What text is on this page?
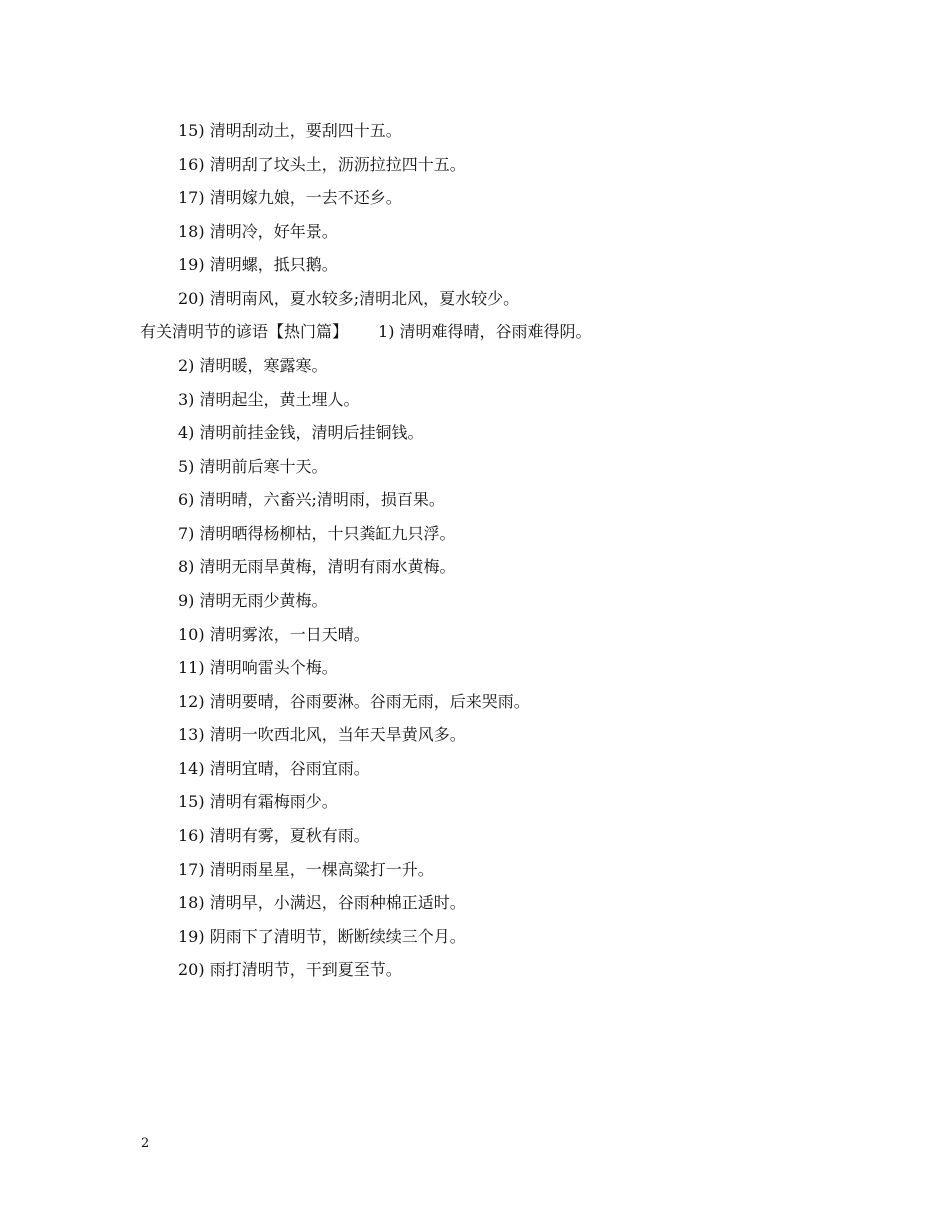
15) 清明刮动土，要刮四十五。
16) 清明刮了坟头土，沥沥拉拉四十五。
17) 清明嫁九娘，一去不还乡。
18) 清明冷，好年景。
19) 清明螺，抵只鹅。
20) 清明南风，夏水较多;清明北风，夏水较少。
有关清明节的谚语【热门篇】 1) 清明难得晴，谷雨难得阴。
2) 清明暖，寒露寒。
3) 清明起尘，黄土埋人。
4) 清明前挂金钱，清明后挂铜钱。
5) 清明前后寒十天。
6) 清明晴，六畜兴;清明雨，损百果。
7) 清明晒得杨柳枯，十只粪缸九只浮。
8) 清明无雨旱黄梅，清明有雨水黄梅。
9) 清明无雨少黄梅。
10) 清明雾浓，一日天晴。
11) 清明响雷头个梅。
12) 清明要晴，谷雨要淋。谷雨无雨，后来哭雨。
13) 清明一吹西北风，当年天旱黄风多。
14) 清明宜晴，谷雨宜雨。
15) 清明有霜梅雨少。
16) 清明有雾，夏秋有雨。
17) 清明雨星星，一棵高粱打一升。
18) 清明早，小满迟，谷雨种棉正适时。
19) 阴雨下了清明节，断断续续三个月。
20) 雨打清明节，干到夏至节。
2
